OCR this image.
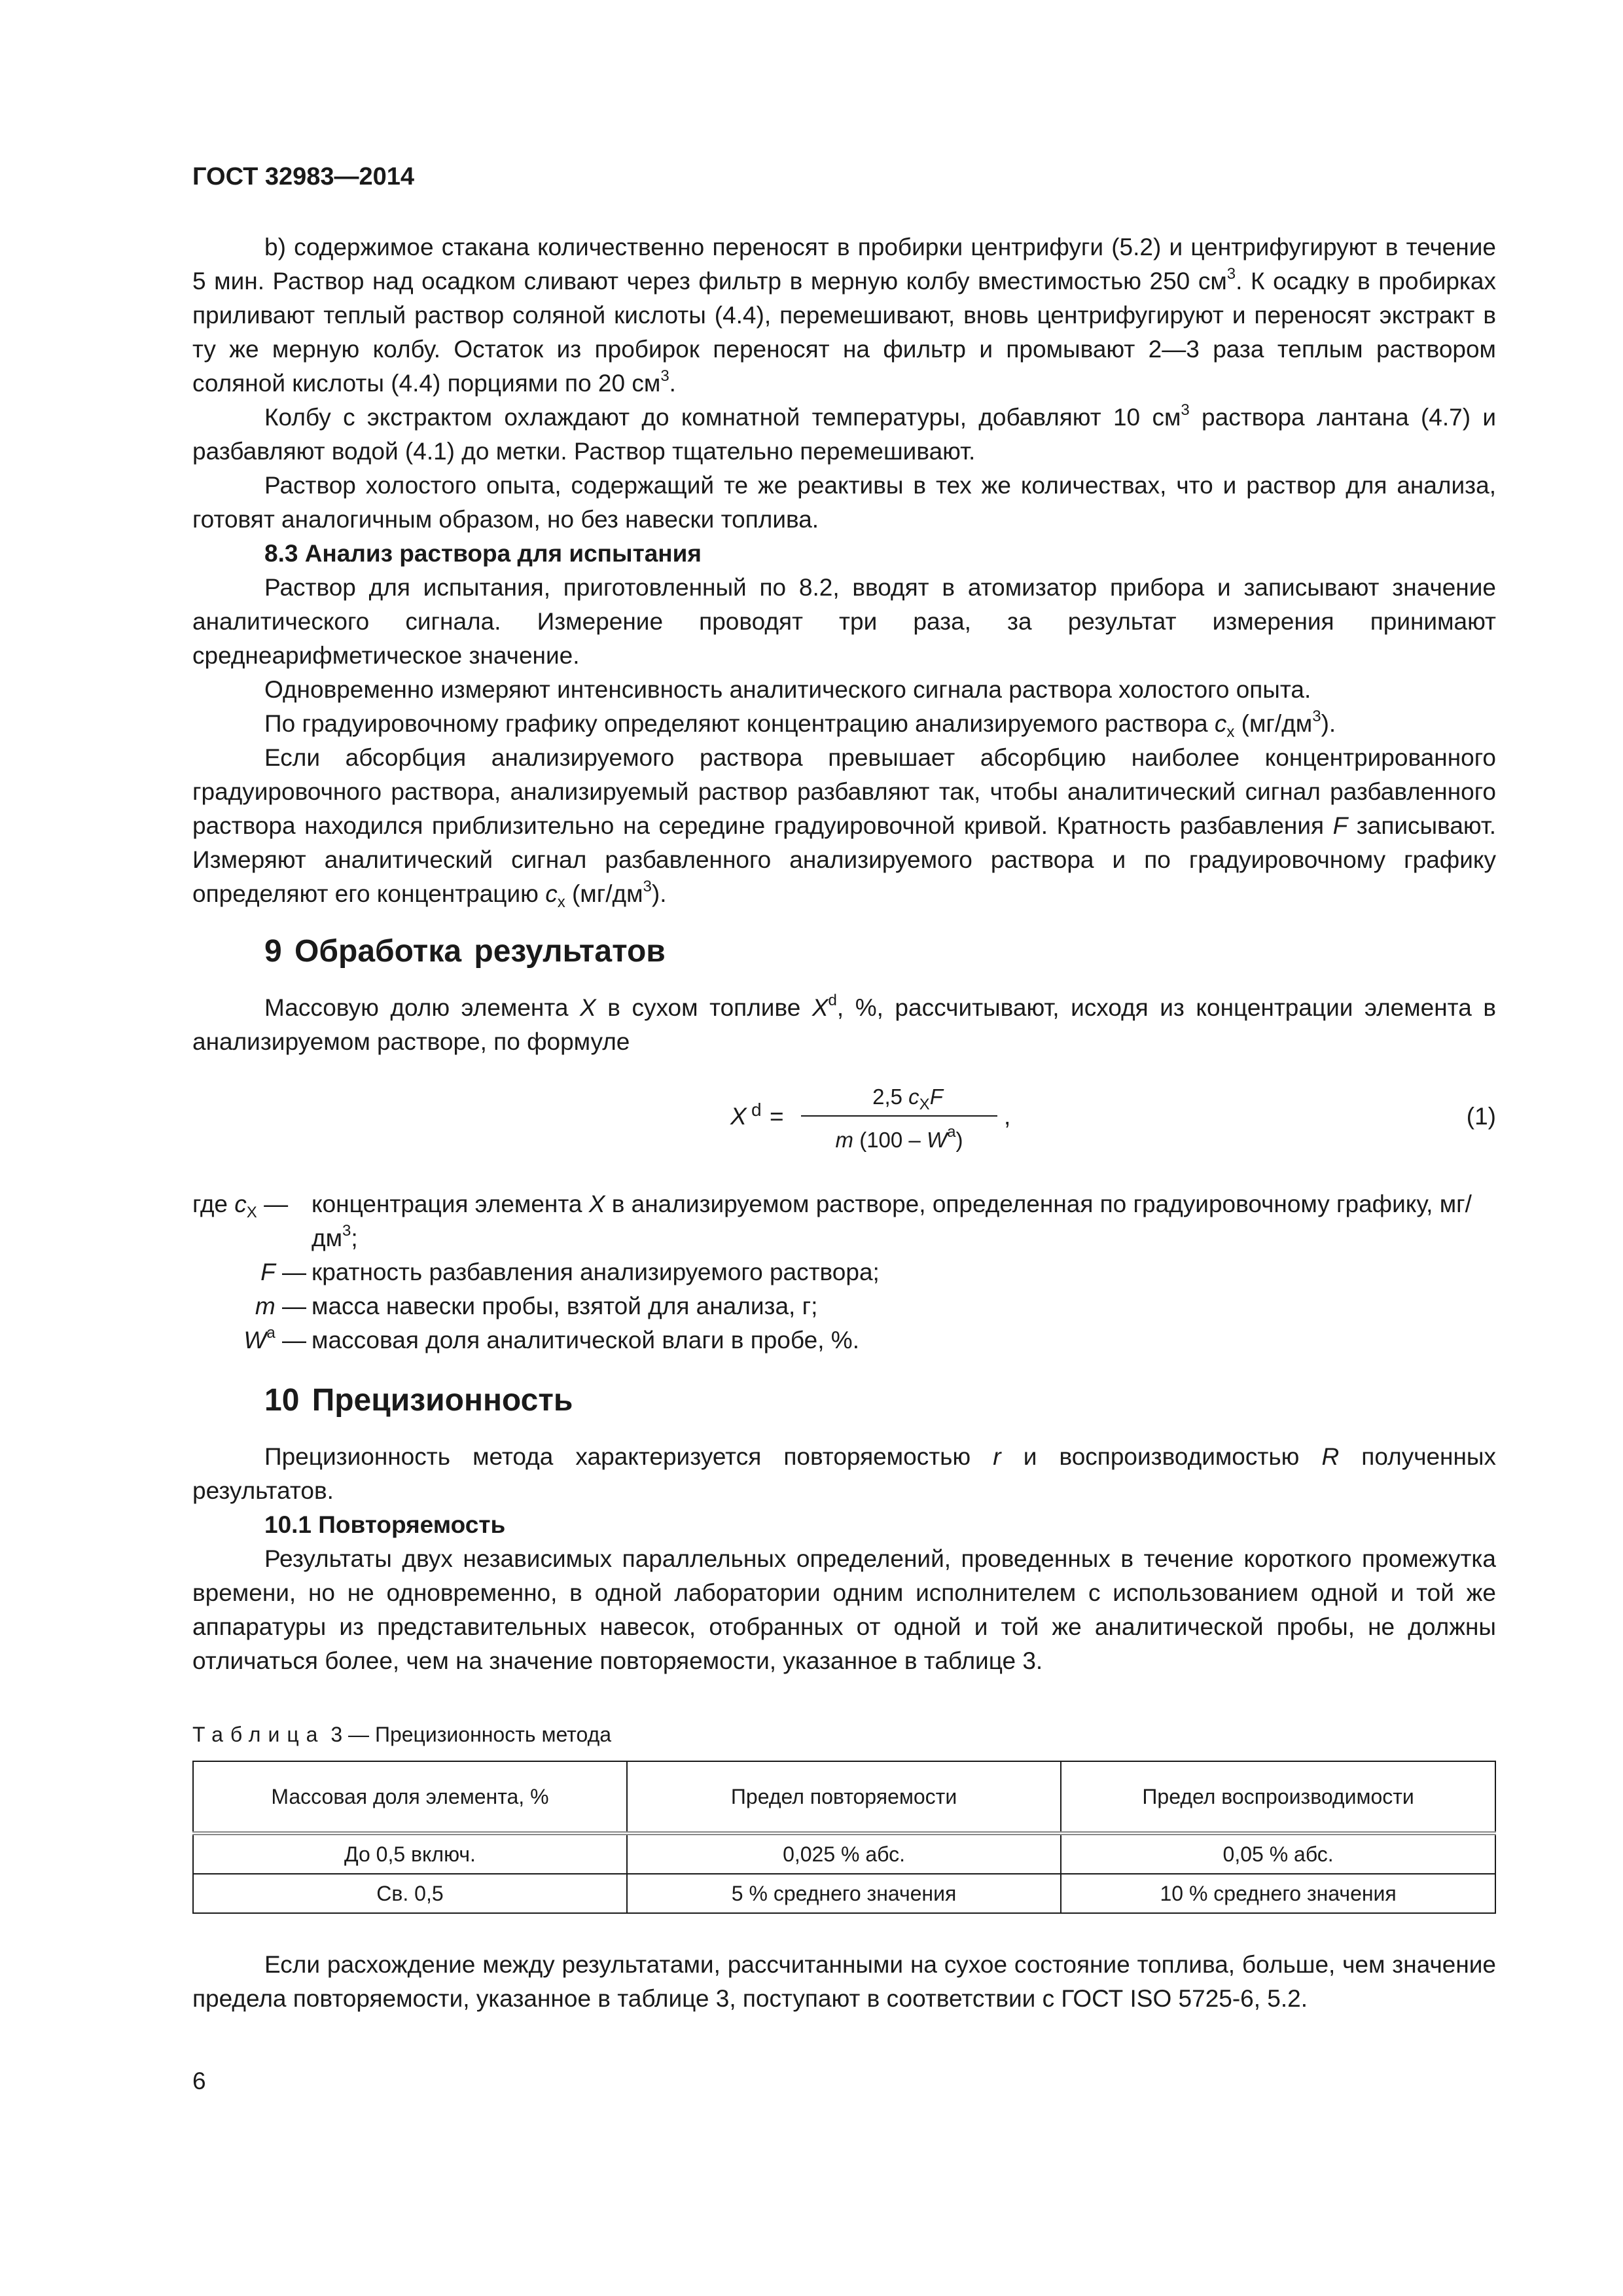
ГОСТ 32983—2014

b) содержимое стакана количественно переносят в пробирки центрифуги (5.2) и центрифугируют в течение 5 мин. Раствор над осадком сливают через фильтр в мерную колбу вместимостью 250 $см^3$. К осадку в пробирках приливают теплый раствор соляной кислоты (4.4), перемешивают, вновь центрифугируют и переносят экстракт в ту же мерную колбу. Остаток из пробирок переносят на фильтр и промывают 2—3 раза теплым раствором соляной кислоты (4.4) порциями по 20 $см^3$.

Колбу с экстрактом охлаждают до комнатной температуры, добавляют 10 $см^3$ раствора лантана (4.7) и разбавляют водой (4.1) до метки. Раствор тщательно перемешивают.

Раствор холостого опыта, содержащий те же реактивы в тех же количествах, что и раствор для анализа, готовят аналогичным образом, но без навески топлива.

8.3 Анализ раствора для испытания

Раствор для испытания, приготовленный по 8.2, вводят в атомизатор прибора и записывают значение аналитического сигнала. Измерение проводят три раза, за результат измерения принимают среднеарифметическое значение.

Одновременно измеряют интенсивность аналитического сигнала раствора холостого опыта.

По градуировочному графику определяют концентрацию анализируемого раствора $c_x$ $(мг/дм^3)$.

Если абсорбция анализируемого раствора превышает абсорбцию наиболее концентрированного градуировочного раствора, анализируемый раствор разбавляют так, чтобы аналитический сигнал разбавленного раствора находился приблизительно на середине градуировочной кривой. Кратность разбавления F записывают. Измеряют аналитический сигнал разбавленного анализируемого раствора и по градуировочному графику определяют его концентрацию $c_x$ $(мг/дм^3)$.

9 Обработка результатов

Массовую долю элемента X в сухом топливе $X^d$, %, рассчитывают, исходя из концентрации элемента в анализируемом растворе, по формуле

X d =
2,5 $c_XF$
m $(100 - W^a)$
,	(1)
где $c_X$ — концентрация элемента X в анализируемом растворе, определенная по градуировочному графику, $мг/дм^3$;
F — кратность разбавления анализируемого раствора;
m — масса навески пробы, взятой для анализа, г;
$W^a$ — массовая доля аналитической влаги в пробе, %.
10 Прецизионность

Прецизионность метода характеризуется повторяемостью r и воспроизводимостью R полученных результатов.

10.1 Повторяемость

Результаты двух независимых параллельных определений, проведенных в течение короткого промежутка времени, но не одновременно, в одной лаборатории одним исполнителем с использованием одной и той же аппаратуры из представительных навесок, отобранных от одной и той же аналитической пробы, не должны отличаться более, чем на значение повторяемости, указанное в таблице 3.

Таблица 3 — Прецизионность метода
Массовая доля элемента, %	Предел повторяемости	Предел воспроизводимости
До 0,5 включ.	0,025 % абс.	0,05 % абс.
Св. 0,5	5 % среднего значения	10 % среднего значения

Если расхождение между результатами, рассчитанными на сухое состояние топлива, больше, чем значение предела повторяемости, указанное в таблице 3, поступают в соответствии с ГОСТ ISO 5725-6, 5.2.

6
